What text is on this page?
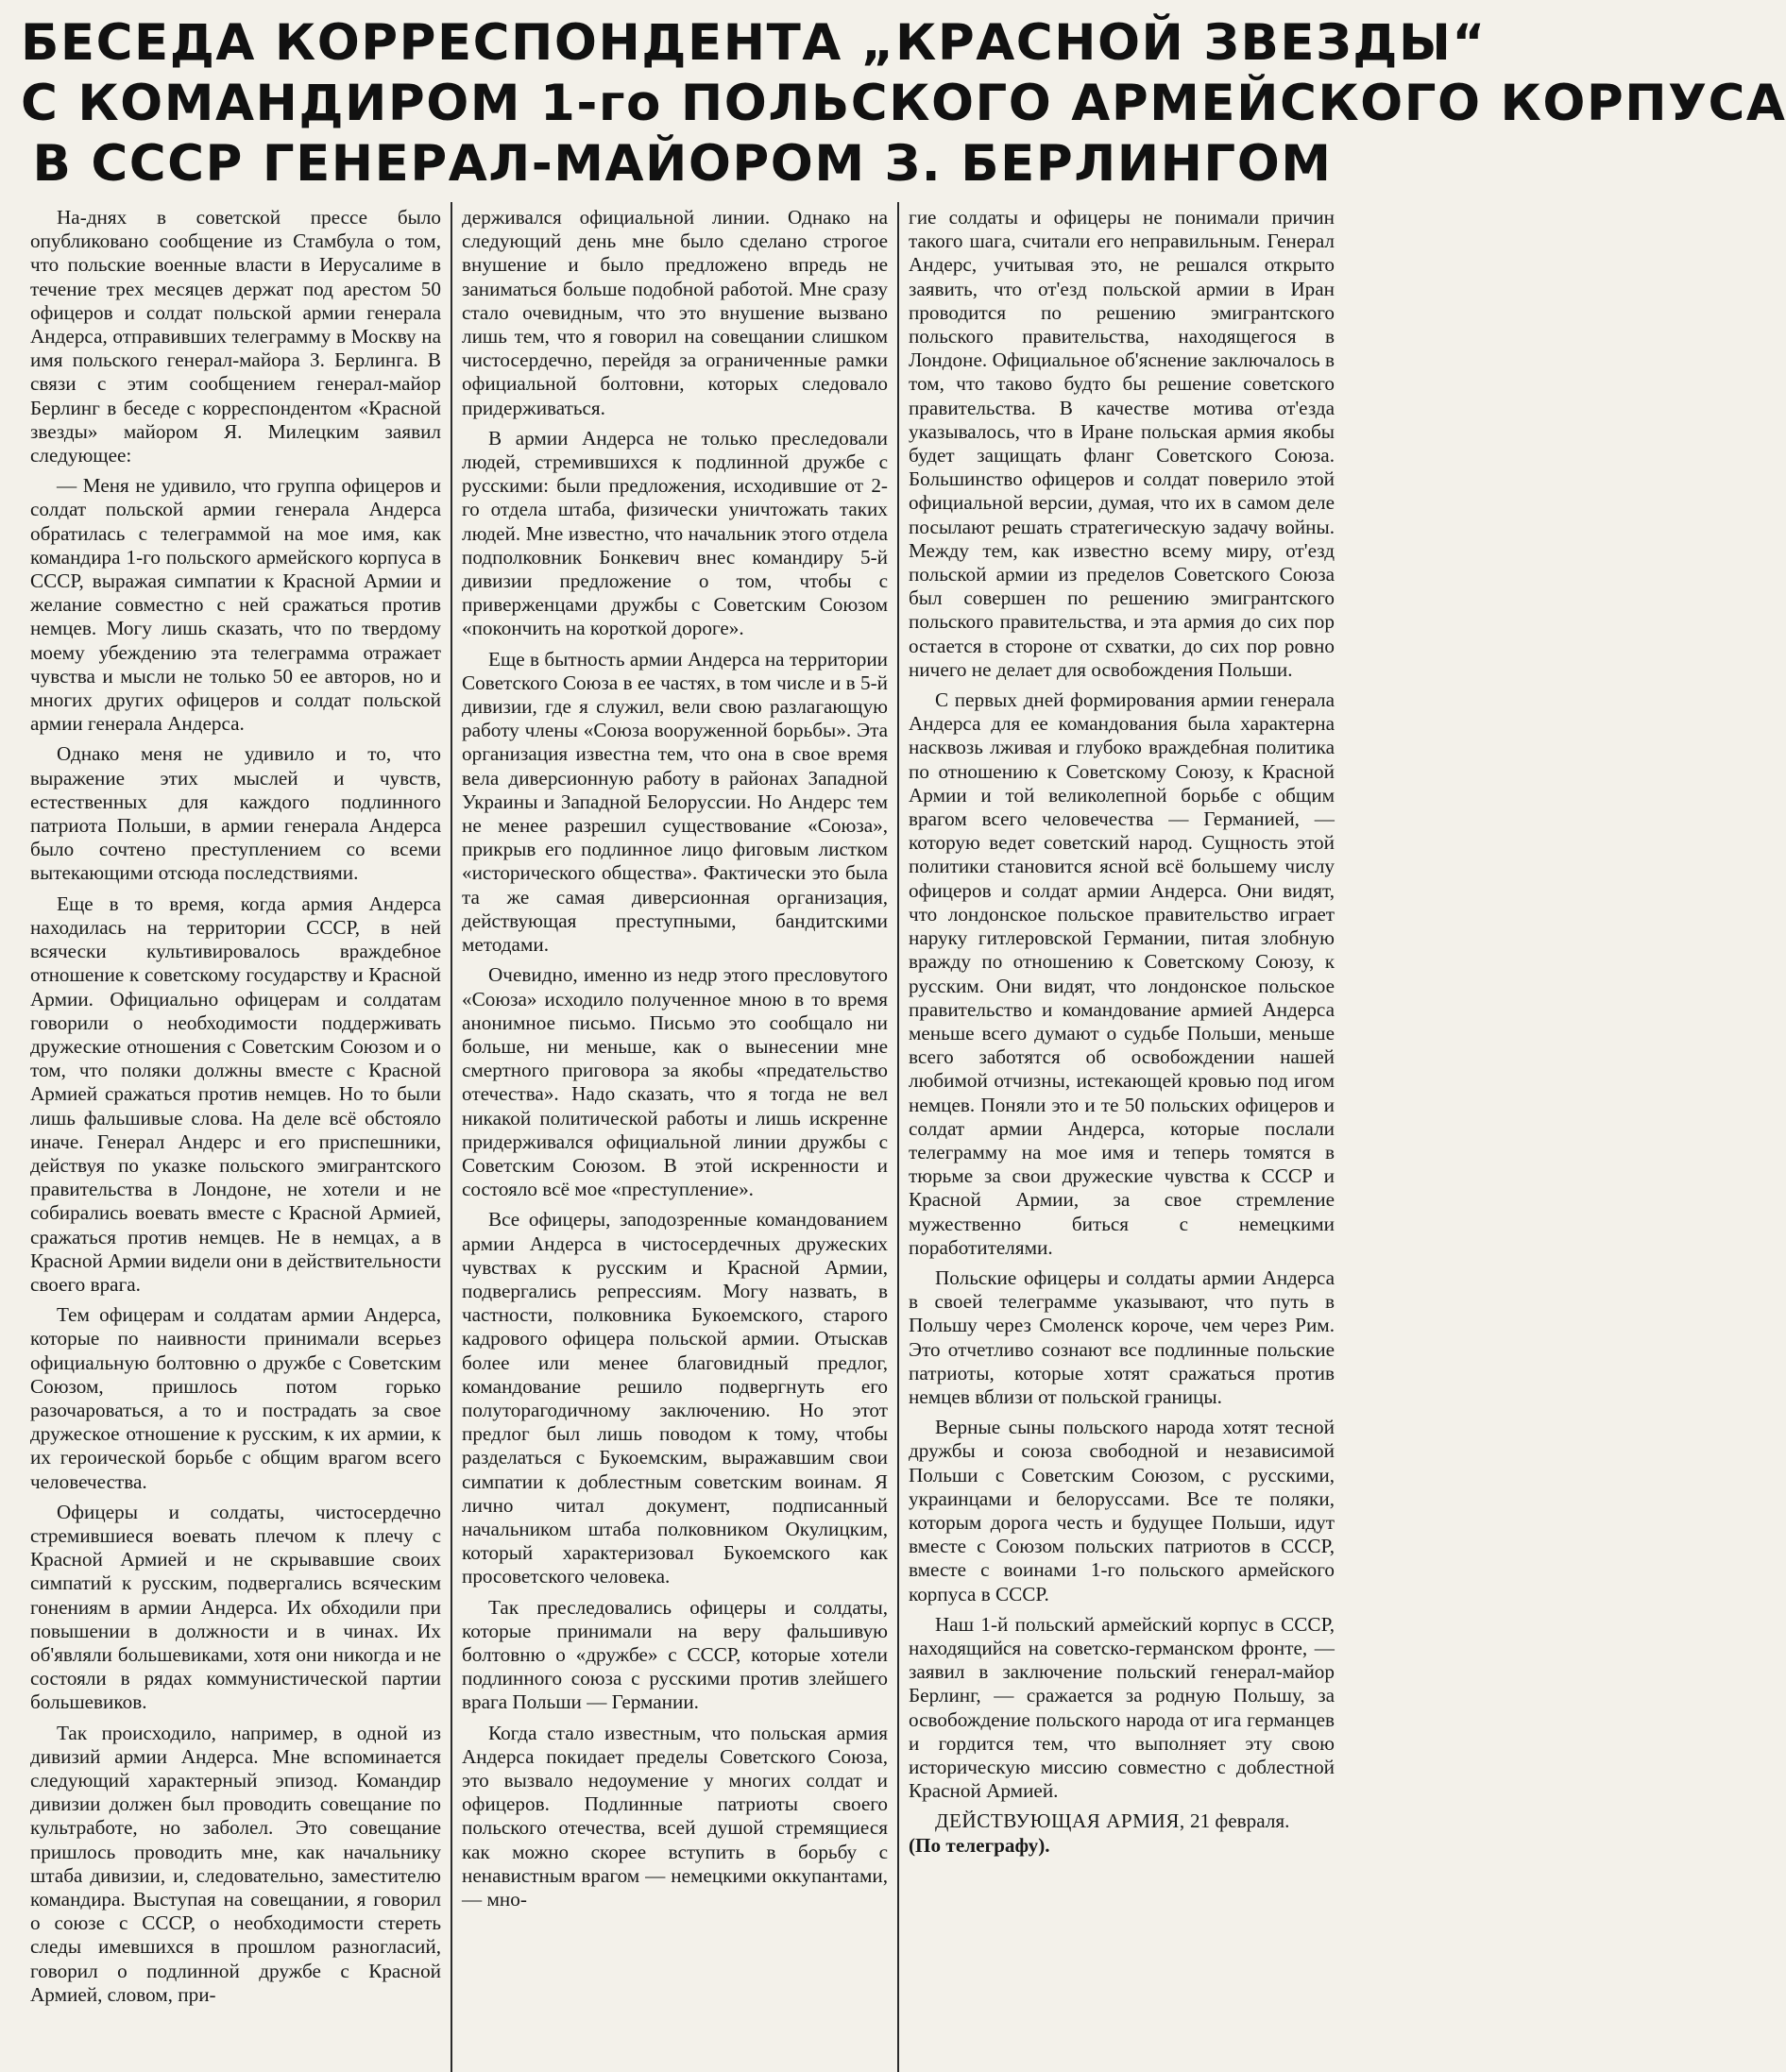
БЕСЕДА КОРРЕСПОНДЕНТА „КРАСНОЙ ЗВЕЗДЫ“
С КОМАНДИРОМ 1-го ПОЛЬСКОГО АРМЕЙСКОГО КОРПУСА
В СССР ГЕНЕРАЛ-МАЙОРОМ З. БЕРЛИНГОМ

На-днях в советской прессе было опубликовано сообщение из Стамбула о том, что польские военные власти в Иерусалиме в течение трех месяцев держат под арестом 50 офицеров и солдат польской армии генерала Андерса, отправивших телеграмму в Москву на имя польского генерал-майора З. Берлинга. В связи с этим сообщением генерал-майор Берлинг в беседе с корреспондентом «Красной звезды» майором Я. Милецким заявил следующее:

— Меня не удивило, что группа офицеров и солдат польской армии генерала Андерса обратилась с телеграммой на мое имя, как командира 1-го польского армейского корпуса в СССР, выражая симпатии к Красной Армии и желание совместно с ней сражаться против немцев. Могу лишь сказать, что по твердому моему убеждению эта телеграмма отражает чувства и мысли не только 50 ее авторов, но и многих других офицеров и солдат польской армии генерала Андерса.

Однако меня не удивило и то, что выражение этих мыслей и чувств, естественных для каждого подлинного патриота Польши, в армии генерала Андерса было сочтено преступлением со всеми вытекающими отсюда последствиями.

Еще в то время, когда армия Андерса находилась на территории СССР, в ней всячески культивировалось враждебное отношение к советскому государству и Красной Армии. Официально офицерам и солдатам говорили о необходимости поддерживать дружеские отношения с Советским Союзом и о том, что поляки должны вместе с Красной Армией сражаться против немцев. Но то были лишь фальшивые слова. На деле всё обстояло иначе. Генерал Андерс и его приспешники, действуя по указке польского эмигрантского правительства в Лондоне, не хотели и не собирались воевать вместе с Красной Армией, сражаться против немцев. Не в немцах, а в Красной Армии видели они в действительности своего врага.

Тем офицерам и солдатам армии Андерса, которые по наивности принимали всерьез официальную болтовню о дружбе с Советским Союзом, пришлось потом горько разочароваться, а то и пострадать за свое дружеское отношение к русским, к их армии, к их героической борьбе с общим врагом всего человечества.

Офицеры и солдаты, чистосердечно стремившиеся воевать плечом к плечу с Красной Армией и не скрывавшие своих симпатий к русским, подвергались всяческим гонениям в армии Андерса. Их обходили при повышении в должности и в чинах. Их об'являли большевиками, хотя они никогда и не состояли в рядах коммунистической партии большевиков.

Так происходило, например, в одной из дивизий армии Андерса. Мне вспоминается следующий характерный эпизод. Командир дивизии должен был проводить совещание по культработе, но заболел. Это совещание пришлось проводить мне, как начальнику штаба дивизии, и, следовательно, заместителю командира. Выступая на совещании, я говорил о союзе с СССР, о необходимости стереть следы имевшихся в прошлом разногласий, говорил о подлинной дружбе с Красной Армией, словом, при-

держивался официальной линии. Однако на следующий день мне было сделано строгое внушение и было предложено впредь не заниматься больше подобной работой. Мне сразу стало очевидным, что это внушение вызвано лишь тем, что я говорил на совещании слишком чистосердечно, перейдя за ограниченные рамки официальной болтовни, которых следовало придерживаться.

В армии Андерса не только преследовали людей, стремившихся к подлинной дружбе с русскими: были предложения, исходившие от 2-го отдела штаба, физически уничтожать таких людей. Мне известно, что начальник этого отдела подполковник Бонкевич внес командиру 5-й дивизии предложение о том, чтобы с приверженцами дружбы с Советским Союзом «покончить на короткой дороге».

Еще в бытность армии Андерса на территории Советского Союза в ее частях, в том числе и в 5-й дивизии, где я служил, вели свою разлагающую работу члены «Союза вооруженной борьбы». Эта организация известна тем, что она в свое время вела диверсионную работу в районах Западной Украины и Западной Белоруссии. Но Андерс тем не менее разрешил существование «Союза», прикрыв его подлинное лицо фиговым листком «исторического общества». Фактически это была та же самая диверсионная организация, действующая преступными, бандитскими методами.

Очевидно, именно из недр этого пресловутого «Союза» исходило полученное мною в то время анонимное письмо. Письмо это сообщало ни больше, ни меньше, как о вынесении мне смертного приговора за якобы «предательство отечества». Надо сказать, что я тогда не вел никакой политической работы и лишь искренне придерживался официальной линии дружбы с Советским Союзом. В этой искренности и состояло всё мое «преступление».

Все офицеры, заподозренные командованием армии Андерса в чистосердечных дружеских чувствах к русским и Красной Армии, подвергались репрессиям. Могу назвать, в частности, полковника Букоемского, старого кадрового офицера польской армии. Отыскав более или менее благовидный предлог, командование решило подвергнуть его полуторагодичному заключению. Но этот предлог был лишь поводом к тому, чтобы разделаться с Букоемским, выражавшим свои симпатии к доблестным советским воинам. Я лично читал документ, подписанный начальником штаба полковником Окулицким, который характеризовал Букоемского как просоветского человека.

Так преследовались офицеры и солдаты, которые принимали на веру фальшивую болтовню о «дружбе» с СССР, которые хотели подлинного союза с русскими против злейшего врага Польши — Германии.

Когда стало известным, что польская армия Андерса покидает пределы Советского Союза, это вызвало недоумение у многих солдат и офицеров. Подлинные патриоты своего польского отечества, всей душой стремящиеся как можно скорее вступить в борьбу с ненавистным врагом — немецкими оккупантами, — мно-

гие солдаты и офицеры не понимали причин такого шага, считали его неправильным. Генерал Андерс, учитывая это, не решался открыто заявить, что от'езд польской армии в Иран проводится по решению эмигрантского польского правительства, находящегося в Лондоне. Официальное об'яснение заключалось в том, что таково будто бы решение советского правительства. В качестве мотива от'езда указывалось, что в Иране польская армия якобы будет защищать фланг Советского Союза. Большинство офицеров и солдат поверило этой официальной версии, думая, что их в самом деле посылают решать стратегическую задачу войны. Между тем, как известно всему миру, от'езд польской армии из пределов Советского Союза был совершен по решению эмигрантского польского правительства, и эта армия до сих пор остается в стороне от схватки, до сих пор ровно ничего не делает для освобождения Польши.

С первых дней формирования армии генерала Андерса для ее командования была характерна насквозь лживая и глубоко враждебная политика по отношению к Советскому Союзу, к Красной Армии и той великолепной борьбе с общим врагом всего человечества — Германией, — которую ведет советский народ. Сущность этой политики становится ясной всё большему числу офицеров и солдат армии Андерса. Они видят, что лондонское польское правительство играет наруку гитлеровской Германии, питая злобную вражду по отношению к Советскому Союзу, к русским. Они видят, что лондонское польское правительство и командование армией Андерса меньше всего думают о судьбе Польши, меньше всего заботятся об освобождении нашей любимой отчизны, истекающей кровью под игом немцев. Поняли это и те 50 польских офицеров и солдат армии Андерса, которые послали телеграмму на мое имя и теперь томятся в тюрьме за свои дружеские чувства к СССР и Красной Армии, за свое стремление мужественно биться с немецкими поработителями.

Польские офицеры и солдаты армии Андерса в своей телеграмме указывают, что путь в Польшу через Смоленск короче, чем через Рим. Это отчетливо сознают все подлинные польские патриоты, которые хотят сражаться против немцев вблизи от польской границы.

Верные сыны польского народа хотят тесной дружбы и союза свободной и независимой Польши с Советским Союзом, с русскими, украинцами и белоруссами. Все те поляки, которым дорога честь и будущее Польши, идут вместе с Союзом польских патриотов в СССР, вместе с воинами 1-го польского армейского корпуса в СССР.

Наш 1-й польский армейский корпус в СССР, находящийся на советско-германском фронте, — заявил в заключение польский генерал-майор Берлинг, — сражается за родную Польшу, за освобождение польского народа от ига германцев и гордится тем, что выполняет эту свою историческую миссию совместно с доблестной Красной Армией.

ДЕЙСТВУЮЩАЯ АРМИЯ, 21 февраля.
(По телеграфу).
